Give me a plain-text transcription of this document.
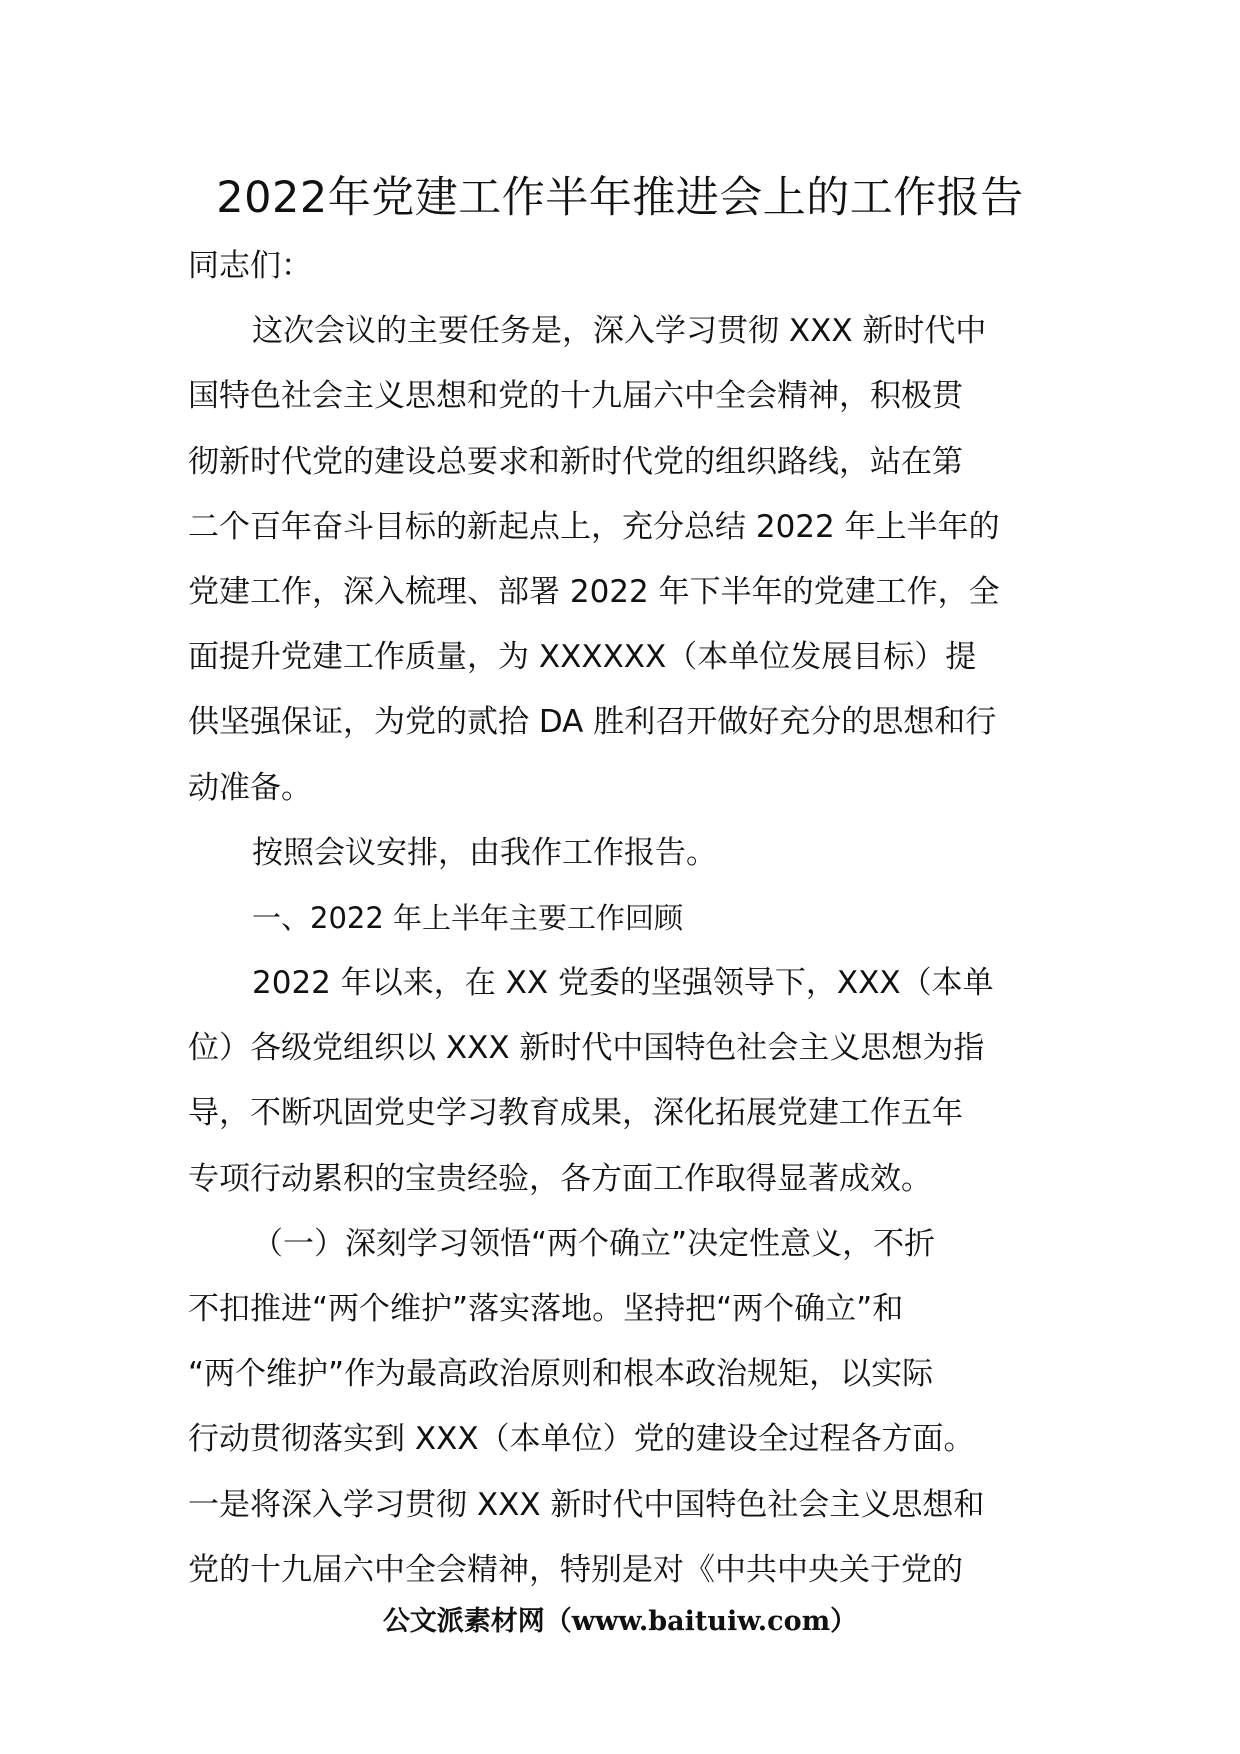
2022年党建工作半年推进会上的工作报告
同志们：
这次会议的主要任务是，深入学习贯彻 XXX 新时代中
国特色社会主义思想和党的十九届六中全会精神，积极贯
彻新时代党的建设总要求和新时代党的组织路线，站在第
二个百年奋斗目标的新起点上，充分总结 2022 年上半年的
党建工作，深入梳理、部署 2022 年下半年的党建工作，全
面提升党建工作质量，为 XXXXXX（本单位发展目标）提
供坚强保证，为党的贰拾 DA 胜利召开做好充分的思想和行
动准备。
按照会议安排，由我作工作报告。
一、2022 年上半年主要工作回顾
2022 年以来，在 XX 党委的坚强领导下，XXX（本单
位）各级党组织以 XXX 新时代中国特色社会主义思想为指
导，不断巩固党史学习教育成果，深化拓展党建工作五年
专项行动累积的宝贵经验，各方面工作取得显著成效。
（一）深刻学习领悟“两个确立”决定性意义，不折
不扣推进“两个维护”落实落地。坚持把“两个确立”和
“两个维护”作为最高政治原则和根本政治规矩，以实际
行动贯彻落实到 XXX（本单位）党的建设全过程各方面。
一是将深入学习贯彻 XXX 新时代中国特色社会主义思想和
党的十九届六中全会精神，特别是对《中共中央关于党的
公文派素材网（www.baituiw.com）
